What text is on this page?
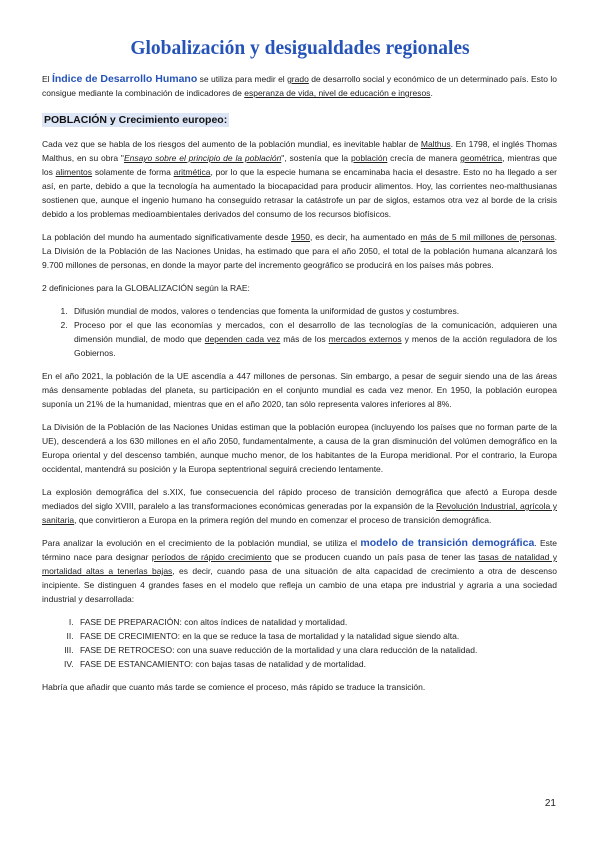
Globalización y desigualdades regionales

El Índice de Desarrollo Humano se utiliza para medir el grado de desarrollo social y económico de un determinado país. Esto lo consigue mediante la combinación de indicadores de esperanza de vida, nivel de educación e ingresos.

POBLACIÓN y Crecimiento europeo:

Cada vez que se habla de los riesgos del aumento de la población mundial, es inevitable hablar de Malthus. En 1798, el inglés Thomas Malthus, en su obra "Ensayo sobre el principio de la población", sostenía que la población crecía de manera geométrica, mientras que los alimentos solamente de forma aritmética, por lo que la especie humana se encaminaba hacia el desastre. Esto no ha llegado a ser así, en parte, debido a que la tecnología ha aumentado la biocapacidad para producir alimentos. Hoy, las corrientes neo-malthusianas sostienen que, aunque el ingenio humano ha conseguido retrasar la catástrofe un par de siglos, estamos otra vez al borde de la crisis debido a los problemas medioambientales derivados del consumo de los recursos biofísicos.

La población del mundo ha aumentado significativamente desde 1950, es decir, ha aumentado en más de 5 mil millones de personas. La División de la Población de las Naciones Unidas, ha estimado que para el año 2050, el total de la población humana alcanzará los 9.700 millones de personas, en donde la mayor parte del incremento geográfico se producirá en los países más pobres.

2 definiciones para la GLOBALIZACIÓN según la RAE:

1. Difusión mundial de modos, valores o tendencias que fomenta la uniformidad de gustos y costumbres.
2. Proceso por el que las economías y mercados, con el desarrollo de las tecnologías de la comunicación, adquieren una dimensión mundial, de modo que dependen cada vez más de los mercados externos y menos de la acción reguladora de los Gobiernos.

En el año 2021, la población de la UE ascendía a 447 millones de personas. Sin embargo, a pesar de seguir siendo una de las áreas más densamente pobladas del planeta, su participación en el conjunto mundial es cada vez menor. En 1950, la población europea suponía un 21% de la humanidad, mientras que en el año 2020, tan sólo representa valores inferiores al 8%.

La División de la Población de las Naciones Unidas estiman que la población europea (incluyendo los países que no forman parte de la UE), descenderá a los 630 millones en el año 2050, fundamentalmente, a causa de la gran disminución del volúmen demográfico en la Europa oriental y del descenso también, aunque mucho menor, de los habitantes de la Europa meridional. Por el contrario, la Europa occidental, mantendrá su posición y la Europa septentrional seguirá creciendo lentamente.

La explosión demográfica del s.XIX, fue consecuencia del rápido proceso de transición demográfica que afectó a Europa desde mediados del siglo XVIII, paralelo a las transformaciones económicas generadas por la expansión de la Revolución Industrial, agrícola y sanitaria, que convirtieron a Europa en la primera región del mundo en comenzar el proceso de transición demográfica.

Para analizar la evolución en el crecimiento de la población mundial, se utiliza el modelo de transición demográfica. Este término nace para designar períodos de rápido crecimiento que se producen cuando un país pasa de tener las tasas de natalidad y mortalidad altas a tenerlas bajas, es decir, cuando pasa de una situación de alta capacidad de crecimiento a otra de descenso incipiente. Se distinguen 4 grandes fases en el modelo que refleja un cambio de una etapa pre industrial y agraria a una sociedad industrial y desarrollada:

I. FASE DE PREPARACIÓN: con altos índices de natalidad y mortalidad.
II. FASE DE CRECIMIENTO: en la que se reduce la tasa de mortalidad y la natalidad sigue siendo alta.
III. FASE DE RETROCESO: con una suave reducción de la mortalidad y una clara reducción de la natalidad.
IV. FASE DE ESTANCAMIENTO: con bajas tasas de natalidad y de mortalidad.

Habría que añadir que cuanto más tarde se comience el proceso, más rápido se traduce la transición.

21
